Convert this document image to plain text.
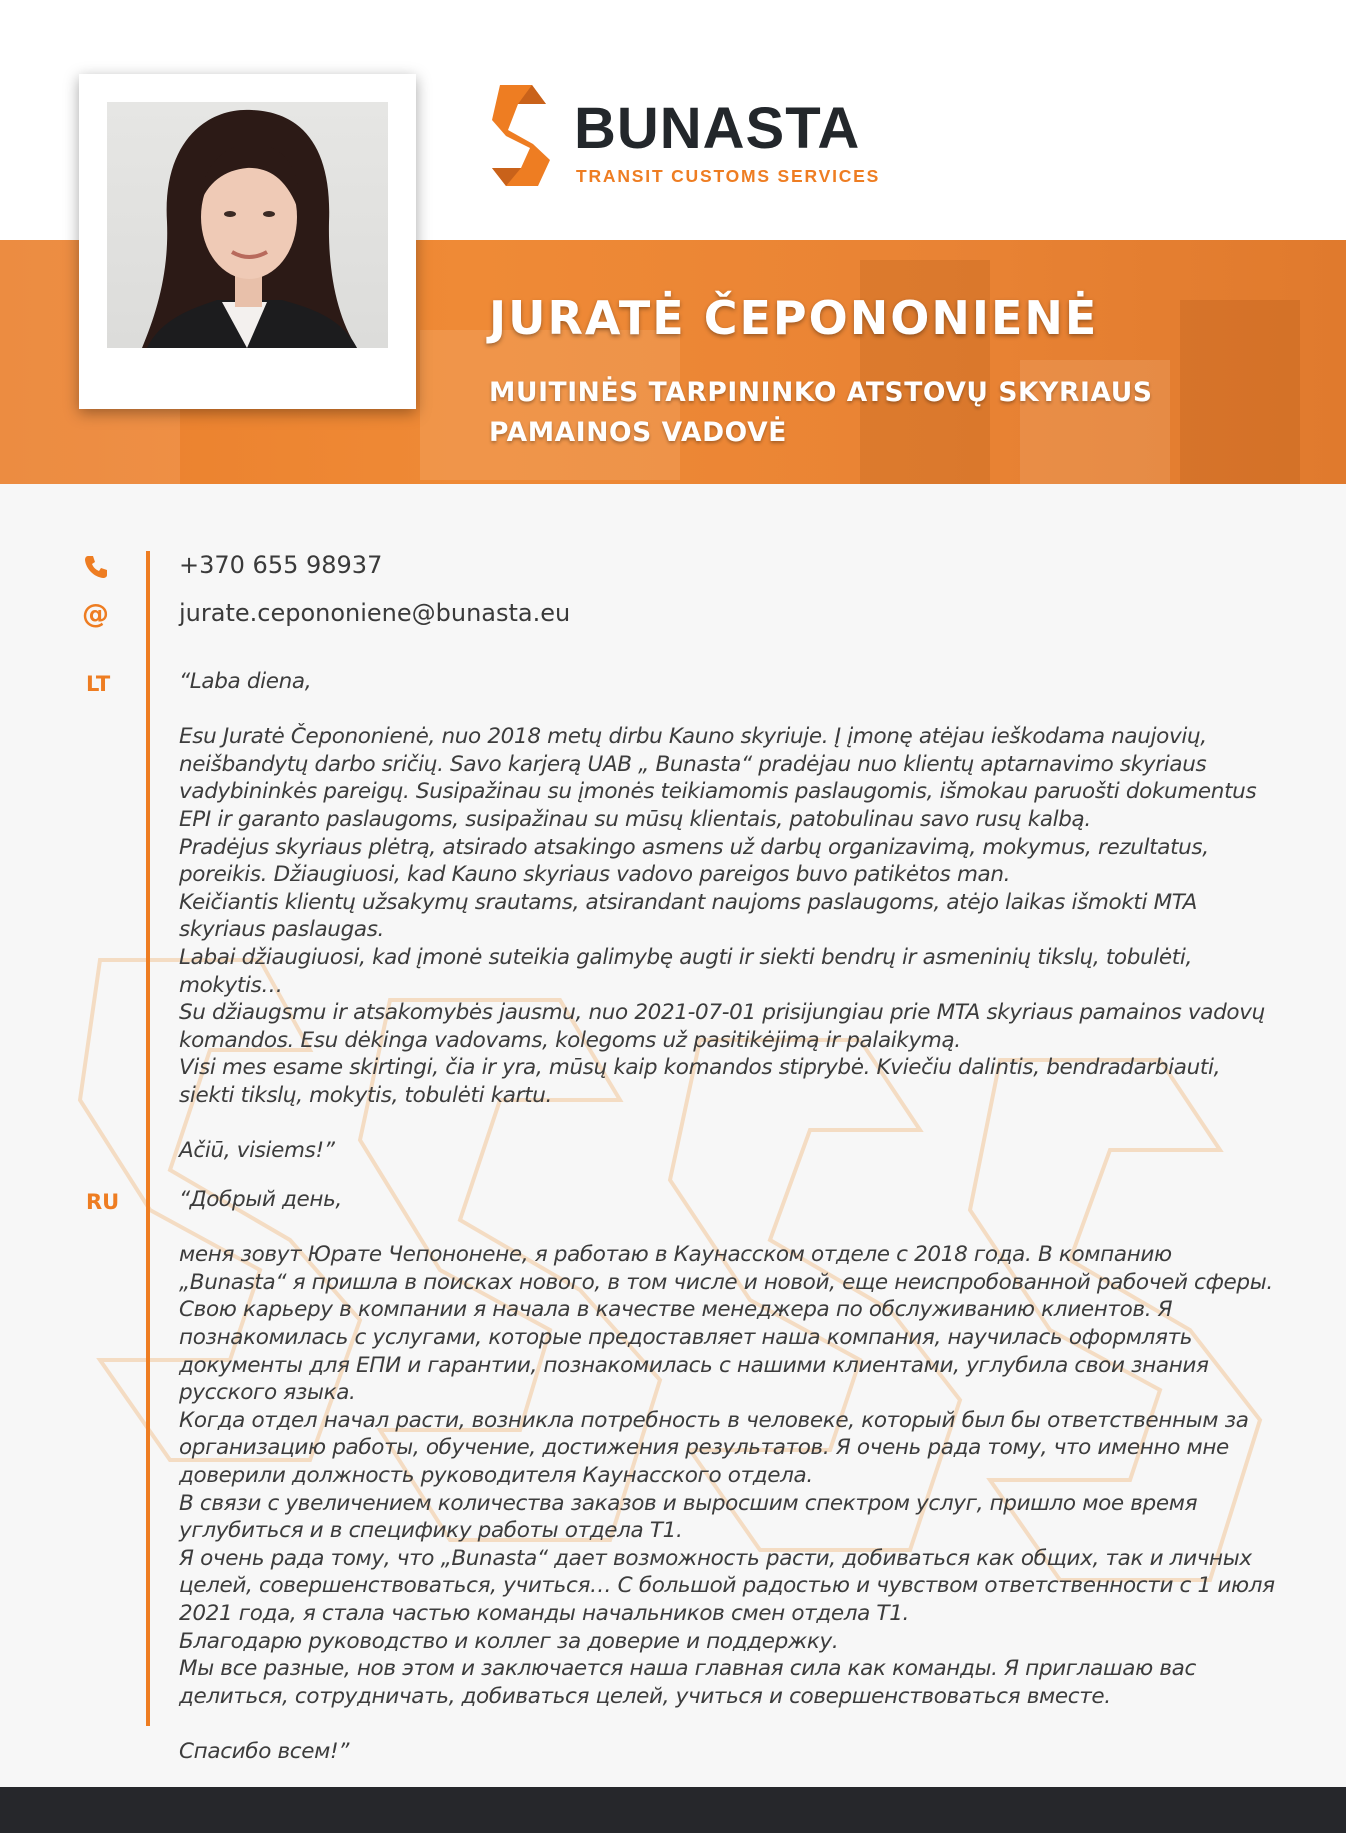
BUNASTA
TRANSIT CUSTOMS SERVICES
JURATĖ ČEPONONIENĖ
MUITINĖS TARPININKO ATSTOVŲ SKYRIAUS
PAMAINOS VADOVĖ
+370 655 98937
@	jurate.cepononiene@bunasta.eu
LT	“Laba diena,

Esu Juratė Čepononienė, nuo 2018 metų dirbu Kauno skyriuje. Į įmonę atėjau ieškodama naujovių, neišbandytų darbo sričių. Savo karjerą UAB „ Bunasta“ pradėjau nuo klientų aptarnavimo skyriaus vadybininkės pareigų. Susipažinau su įmonės teikiamomis paslaugomis, išmokau paruošti dokumentus EPI ir garanto paslaugoms, susipažinau su mūsų klientais, patobulinau savo rusų kalbą.

Pradėjus skyriaus plėtrą, atsirado atsakingo asmens už darbų organizavimą, mokymus, rezultatus, poreikis. Džiaugiuosi, kad Kauno skyriaus vadovo pareigos buvo patikėtos man.

Keičiantis klientų užsakymų srautams, atsirandant naujoms paslaugoms, atėjo laikas išmokti MTA skyriaus paslaugas.

Labai džiaugiuosi, kad įmonė suteikia galimybę augti ir siekti bendrų ir asmeninių tikslų, tobulėti, mokytis…

Su džiaugsmu ir atsakomybės jausmu, nuo 2021-07-01 prisijungiau prie MTA skyriaus pamainos vadovų komandos. Esu dėkinga vadovams, kolegoms už pasitikėjimą ir palaikymą.

Visi mes esame skirtingi, čia ir yra, mūsų kaip komandos stiprybė. Kviečiu dalintis, bendradarbiauti, siekti tikslų, mokytis, tobulėti kartu.

Ačiū, visiems!”

RU	“Добрый день,

меня зовут Юрате Чепононене, я работаю в Каунасском отделе с 2018 года. В компанию „Bunasta“ я пришла в поисках нового, в том числе и новой, еще неиспробованной рабочей сферы. Свою карьеру в компании я начала в качестве менеджера по обслуживанию клиентов. Я познакомилась с услугами, которые предоставляет наша компания, научилась оформлять документы для ЕПИ и гарантии, познакомилась с нашими клиентами, углубила свои знания русского языка.

Когда отдел начал расти, возникла потребность в человеке, который был бы ответственным за организацию работы, обучение, достижения результатов. Я очень рада тому, что именно мне доверили должность руководителя Каунасского отдела.

В связи с увеличением количества заказов и выросшим спектром услуг, пришло мое время углубиться и в специфику работы отдела Т1.

Я очень рада тому, что „Bunasta“ дает возможность расти, добиваться как общих, так и личных целей, совершенствоваться, учиться… С большой радостью и чувством ответственности с 1 июля 2021 года, я стала частью команды начальников смен отдела Т1.

Благодарю руководство и коллег за доверие и поддержку.

Мы все разные, нов этом и заключается наша главная сила как команды. Я приглашаю вас делиться, сотрудничать, добиваться целей, учиться и совершенствоваться вместе.

Спасибо всем!”
